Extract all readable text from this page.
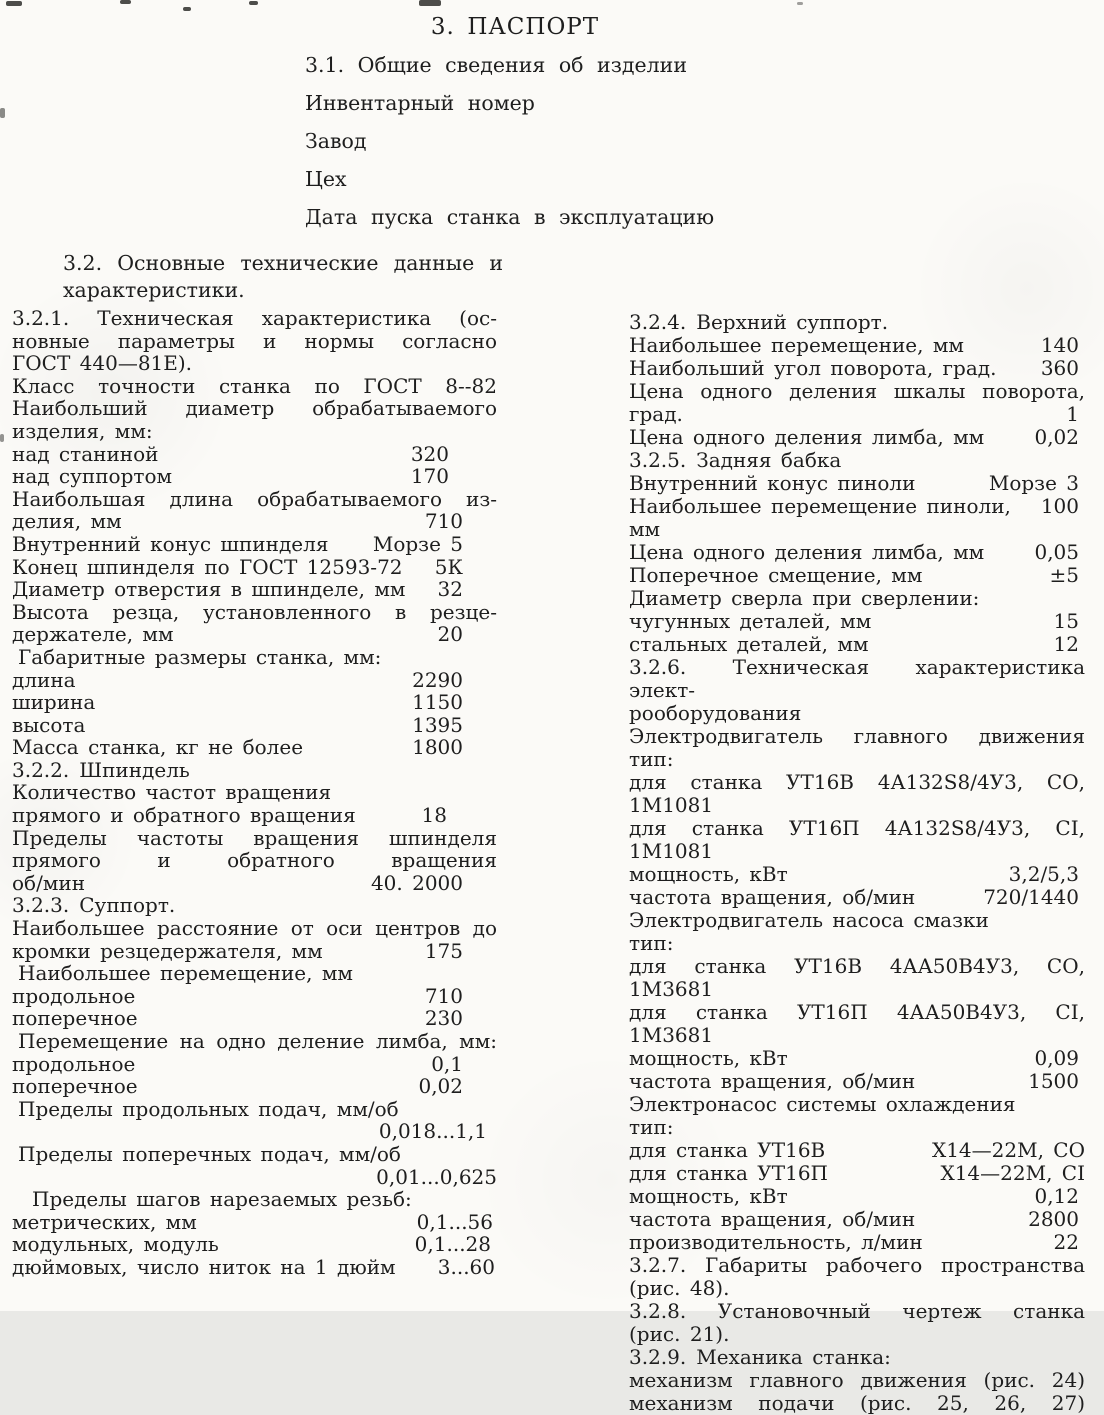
3. ПАСПОРТ
3.1. Общие сведения об изделии
Инвентарный номер
Завод
Цех
Дата пуска станка в эксплуатацию
3.2. Основные технические данные и
характеристики.
3.2.1. Техническая характеристика (ос-
новные параметры и нормы согласно
ГОСТ 440—81Е).
Класс точности станка по ГОСТ 8--82
Наибольший диаметр обрабатываемого
изделия, мм:
над станиной	320
над суппортом	170
Наибольшая длина обрабатываемого из-
делия, мм	710
Внутренний конус шпинделя Морзе 5
Конец шпинделя по ГОСТ 12593-72 5К
Диаметр отверстия в шпинделе, мм 32
Высота резца, установленного в резце-
держателе, мм	20
Габаритные размеры станка, мм:
длина	2290
ширина	1150
высота	1395
Масса станка, кг не более	1800
3.2.2. Шпиндель
Количество частот вращения
прямого и обратного вращения	18
Пределы частоты вращения шпинделя
прямого и обратного вращения
об/мин	40. 2000
3.2.3. Суппорт.
Наибольшее расстояние от оси центров до
кромки резцедержателя, мм	175
Наибольшее перемещение, мм
продольное	710
поперечное	230
Перемещение на одно деление лимба, мм:
продольное	0,1
поперечное	0,02
Пределы продольных подач, мм/об
0,018...1,1
Пределы поперечных подач, мм/об
0,01...0,625
Пределы шагов нарезаемых резьб:
метрических, мм	0,1...56
модульных, модуль	0,1...28
дюймовых, число ниток на 1 дюйм 3...60
3.2.4. Верхний суппорт.
Наибольшее перемещение, мм	140
Наибольший угол поворота, град. 360
Цена одного деления шкалы поворота,
град.	1
Цена одного деления лимба, мм	0,02
3.2.5. Задняя бабка
Внутренний конус пиноли	Морзе 3
Наибольшее перемещение пиноли, мм
100
Цена одного деления лимба, мм	0,05
Поперечное смещение, мм	±5
Диаметр сверла при сверлении:
чугунных деталей, мм	15
стальных деталей, мм	12
3.2.6. Техническая характеристика элект-
рооборудования
Электродвигатель главного движения
тип:
для станка УТ16В 4А132S8/4У3, СО, 1М1081
для станка УТ16П 4А132S8/4У3, СI, 1М1081
мощность, кВт	3,2/5,3
частота вращения, об/мин	720/1440
Электродвигатель насоса смазки
тип:
для станка УТ16В 4АА50В4У3, СО, 1М3681
для станка УТ16П 4АА50В4У3, СI, 1М3681
мощность, кВт	0,09
частота вращения, об/мин	1500
Электронасос системы охлаждения
тип:
для станка УТ16В	Х14—22М, СО
для станка УТ16П	Х14—22М, СI
мощность, кВт	0,12
частота вращения, об/мин	2800
производительность, л/мин	22
3.2.7. Габариты рабочего пространства
(рис. 48).
3.2.8. Установочный чертеж станка
(рис. 21).
3.2.9. Механика станка:
механизм главного движения (рис. 24)
механизм подачи (рис. 25, 26, 27)
